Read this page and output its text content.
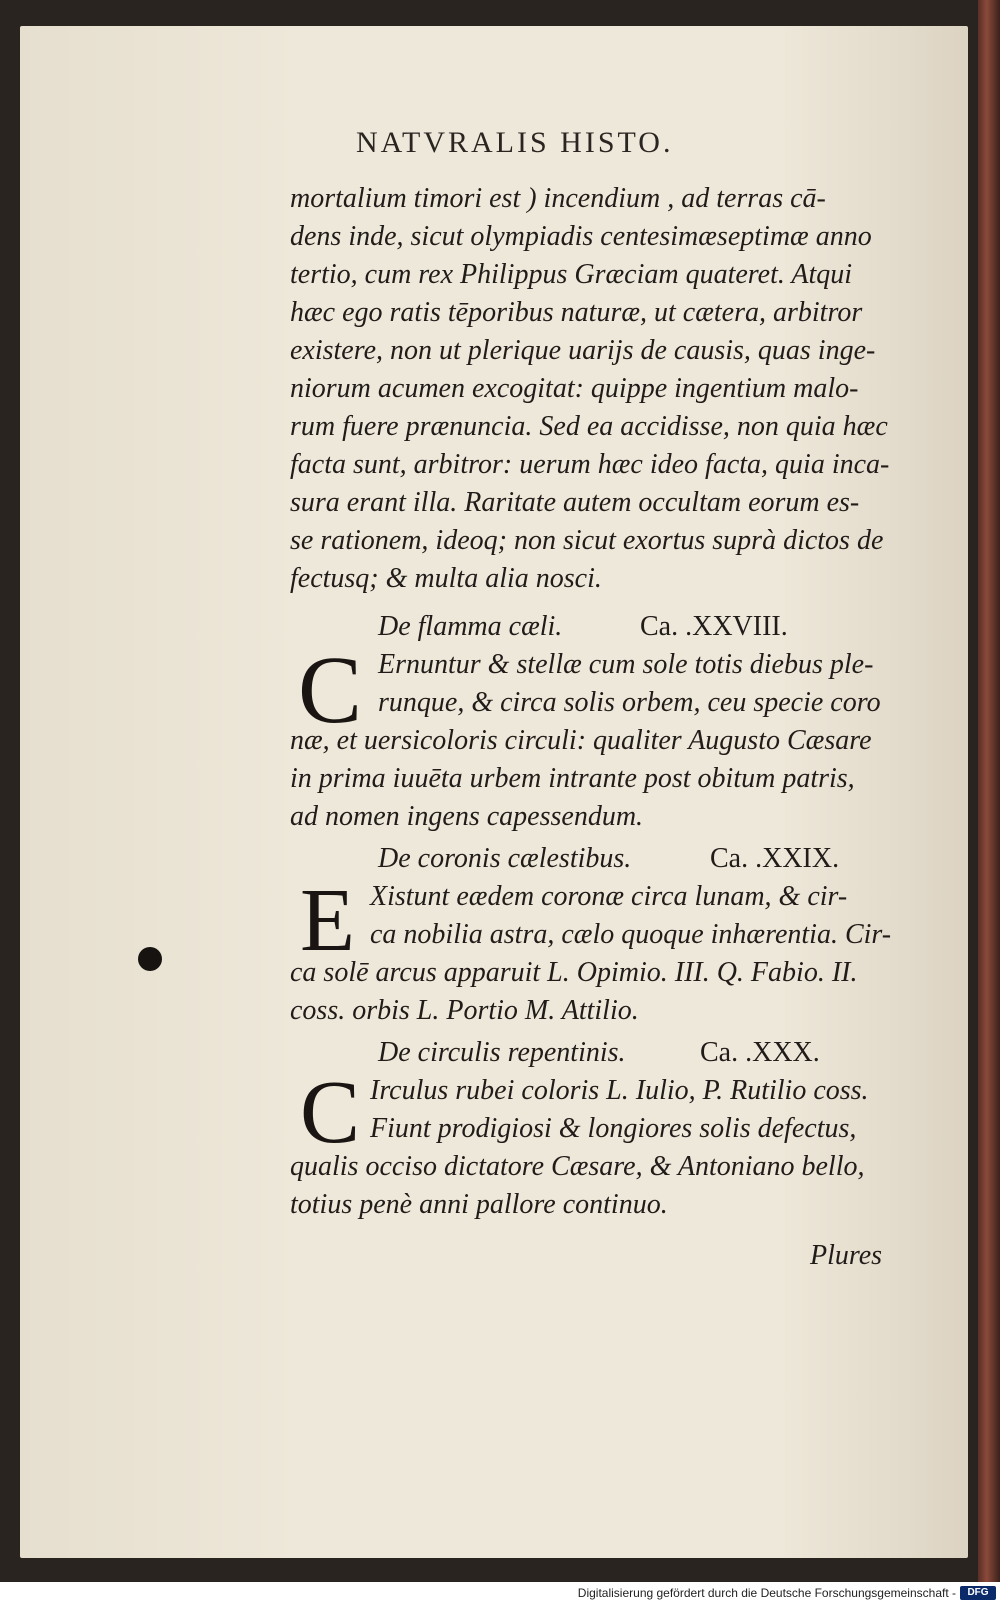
NATVRALIS HISTO.
mortalium timori est ) incendium , ad terras cā-
dens inde, sicut olympiadis centesimæseptimæ anno
tertio, cum rex Philippus Græciam quateret. Atqui
hæc ego ratis tēporibus naturæ, ut cætera, arbitror
existere, non ut plerique uarijs de causis, quas inge-
niorum acumen excogitat: quippe ingentium malo-
rum fuere prænuncia. Sed ea accidisse, non quia hæc
facta sunt, arbitror: uerum hæc ideo facta, quia inca-
sura erant illa. Raritate autem occultam eorum es-
se rationem, ideoq; non sicut exortus suprà dictos de
fectusq; & multa alia nosci.
De flamma cæli.	Ca. .XXVIII.
C Ernuntur & stellæ cum sole totis diebus ple-
runque, & circa solis orbem, ceu specie coro
næ, et uersicoloris circuli: qualiter Augusto Cæsare
in prima iuuēta urbem intrante post obitum patris,
ad nomen ingens capessendum.
De coronis cælestibus.	Ca. .XXIX.
E Xistunt eædem coronæ circa lunam, & cir-
ca nobilia astra, cælo quoque inhærentia. Cir-
ca solē arcus apparuit L. Opimio. III. Q. Fabio. II.
coss. orbis L. Portio M. Attilio.
De circulis repentinis.	Ca. .XXX.
C Irculus rubei coloris L. Iulio, P. Rutilio coss.
Fiunt prodigiosi & longiores solis defectus,
qualis occiso dictatore Cæsare, & Antoniano bello,
totius penè anni pallore continuo.
Plures
Digitalisierung gefördert durch die Deutsche Forschungsgemeinschaft -	DFG
